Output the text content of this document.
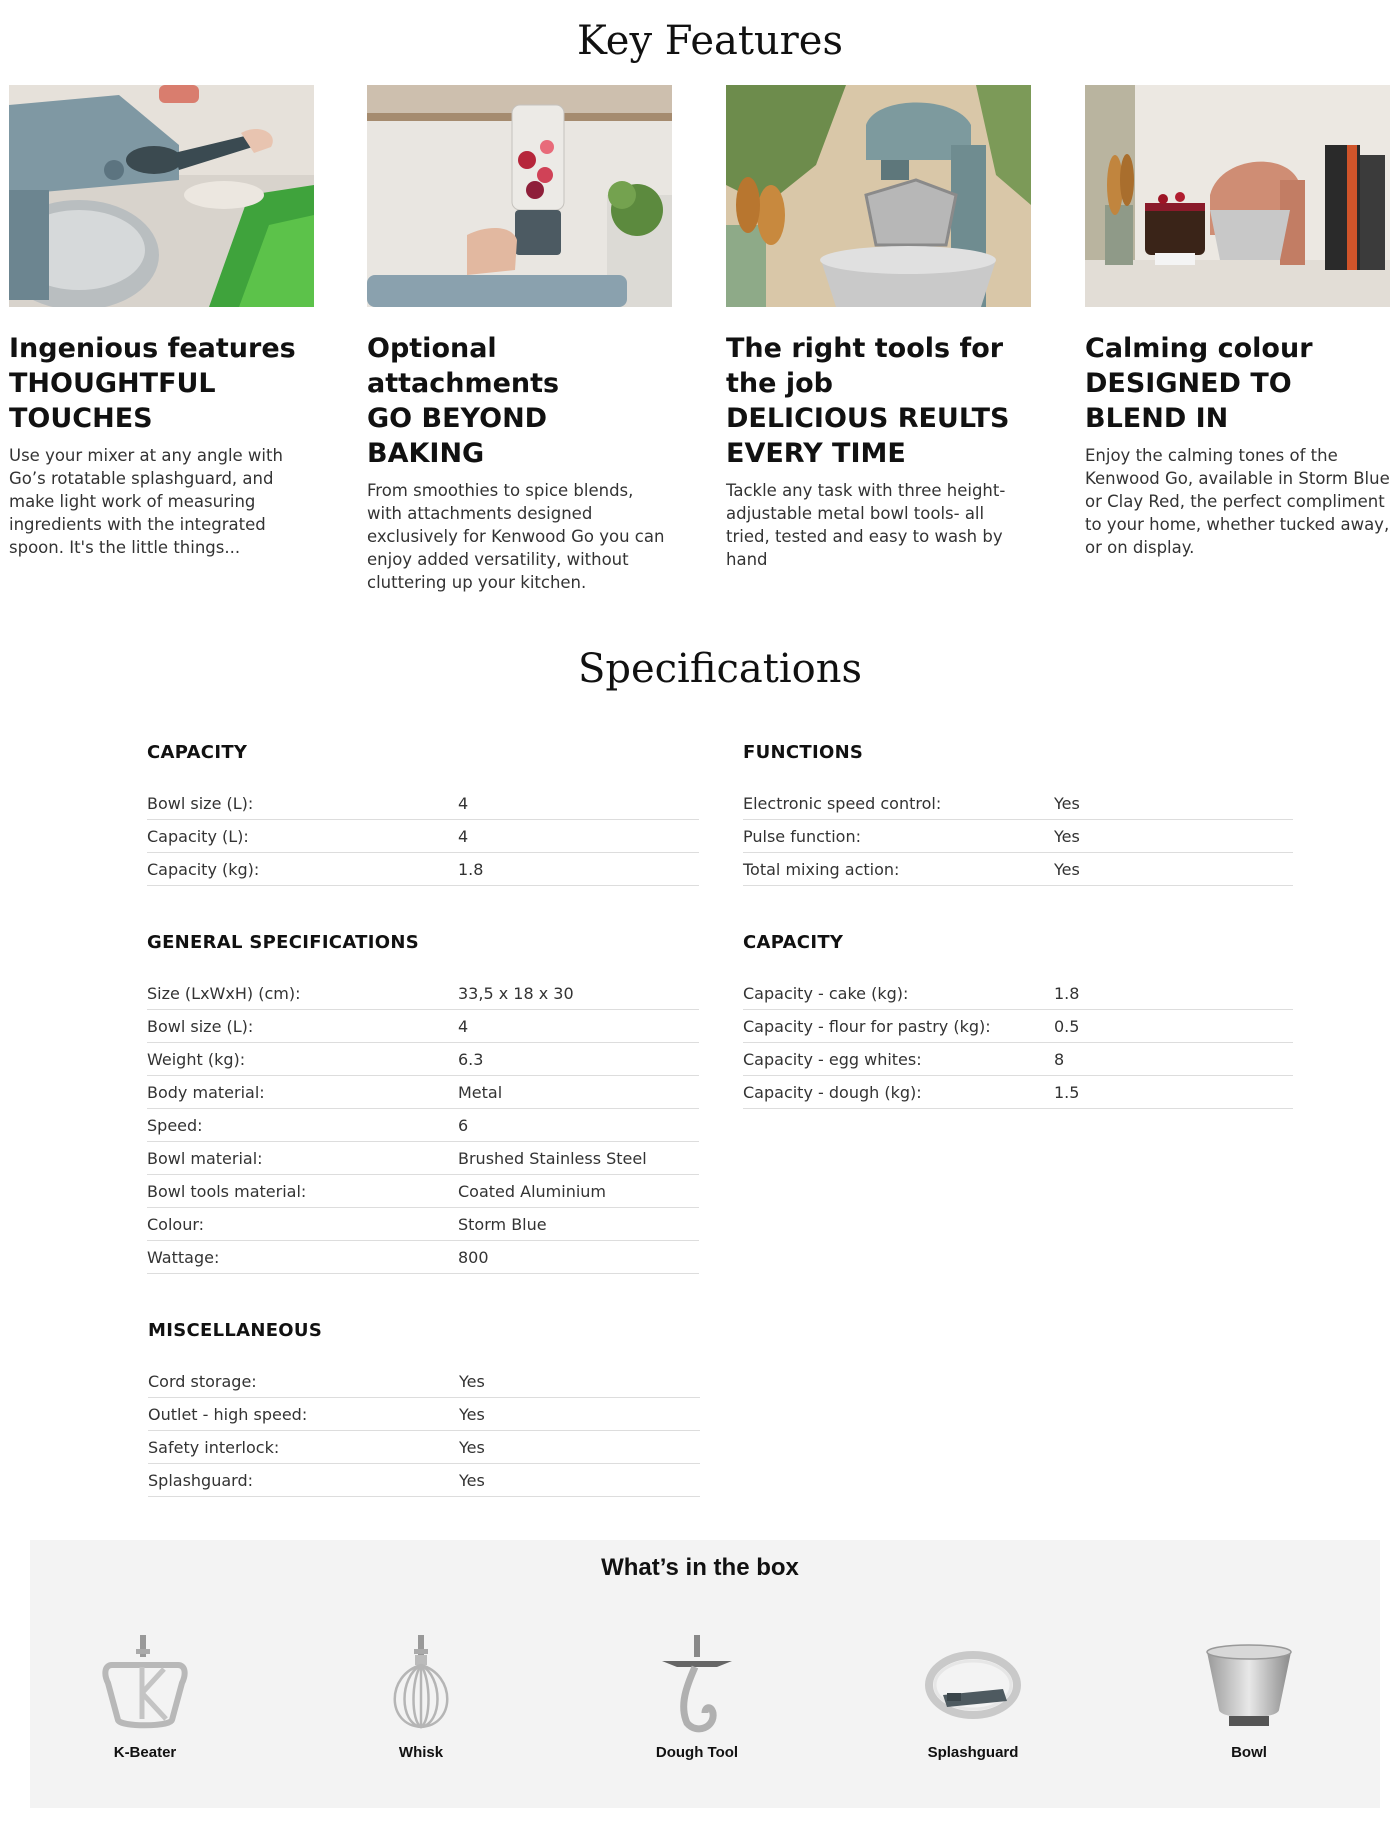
Key Features
Ingenious features
THOUGHTFUL
TOUCHES

Use your mixer at any angle with Go’s rotatable splashguard, and make light work of measuring ingredients with the integrated spoon. It's the little things...

Optional
attachments
GO BEYOND BAKING

From smoothies to spice blends, with attachments designed exclusively for Kenwood Go you can enjoy added versatility, without cluttering up your kitchen.

The right tools for
the job
DELICIOUS REULTS
EVERY TIME

Tackle any task with three height-adjustable metal bowl tools- all tried, tested and easy to wash by hand

Calming colour
DESIGNED TO
BLEND IN

Enjoy the calming tones of the Kenwood Go, available in Storm Blue or Clay Red, the perfect compliment to your home, whether tucked away, or on display.

Specifications
CAPACITY
Bowl size (L):	4
Capacity (L):	4
Capacity (kg):	1.8
GENERAL SPECIFICATIONS
Size (LxWxH) (cm):	33,5 x 18 x 30
Bowl size (L):	4
Weight (kg):	6.3
Body material:	Metal
Speed:	6
Bowl material:	Brushed Stainless Steel
Bowl tools material:	Coated Aluminium
Colour:	Storm Blue
Wattage:	800
MISCELLANEOUS
Cord storage:	Yes
Outlet - high speed:	Yes
Safety interlock:	Yes
Splashguard:	Yes
FUNCTIONS
Electronic speed control:	Yes
Pulse function:	Yes
Total mixing action:	Yes
CAPACITY
Capacity - cake (kg):	1.8
Capacity - flour for pastry (kg):	0.5
Capacity - egg whites:	8
Capacity - dough (kg):	1.5
What’s in the box
K-Beater	Whisk	Dough Tool	Splashguard	Bowl
